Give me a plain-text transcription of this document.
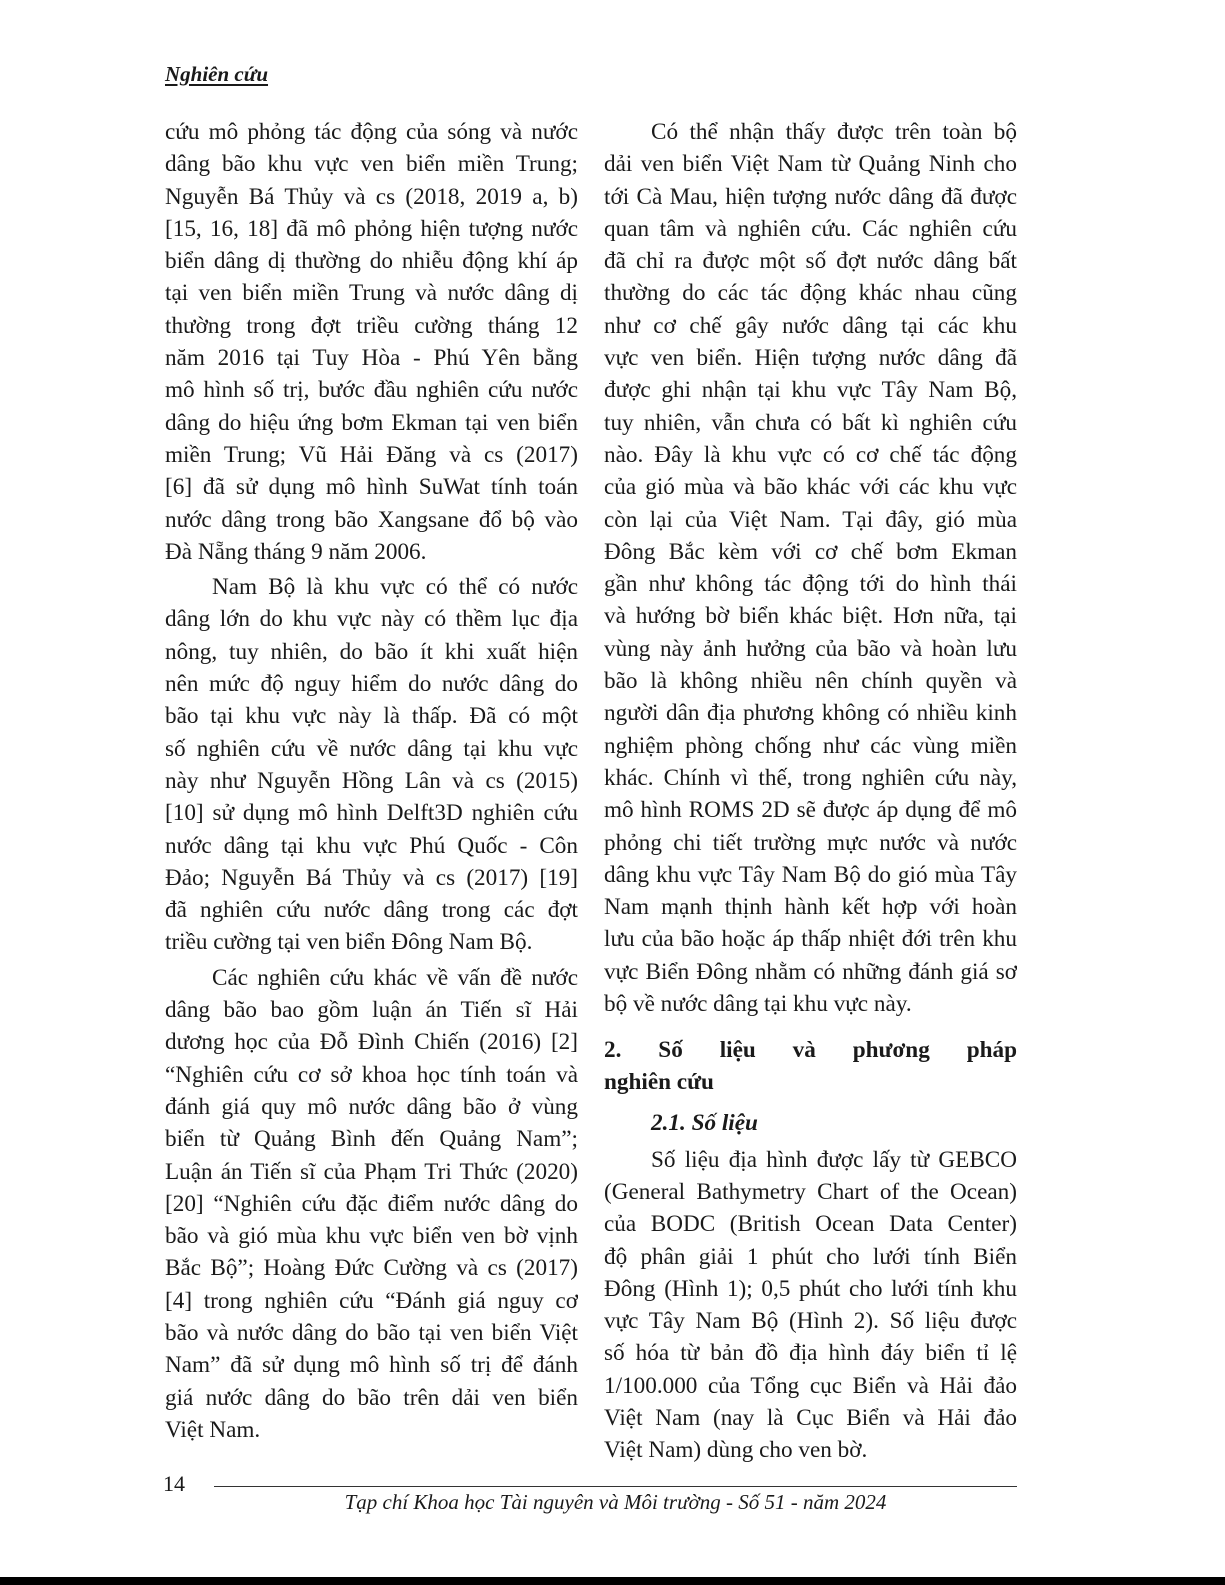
Nghiên cứu
cứu mô phỏng tác động của sóng và nước
dâng bão khu vực ven biển miền Trung;
Nguyễn Bá Thủy và cs (2018, 2019 a, b)
[15, 16, 18] đã mô phỏng hiện tượng nước
biển dâng dị thường do nhiễu động khí áp
tại ven biển miền Trung và nước dâng dị
thường trong đợt triều cường tháng 12
năm 2016 tại Tuy Hòa - Phú Yên bằng
mô hình số trị, bước đầu nghiên cứu nước
dâng do hiệu ứng bơm Ekman tại ven biển
miền Trung; Vũ Hải Đăng và cs (2017)
[6] đã sử dụng mô hình SuWat tính toán
nước dâng trong bão Xangsane đổ bộ vào
Đà Nẵng tháng 9 năm 2006.
Nam Bộ là khu vực có thể có nước
dâng lớn do khu vực này có thềm lục địa
nông, tuy nhiên, do bão ít khi xuất hiện
nên mức độ nguy hiểm do nước dâng do
bão tại khu vực này là thấp. Đã có một
số nghiên cứu về nước dâng tại khu vực
này như Nguyễn Hồng Lân và cs (2015)
[10] sử dụng mô hình Delft3D nghiên cứu
nước dâng tại khu vực Phú Quốc - Côn
Đảo; Nguyễn Bá Thủy và cs (2017) [19]
đã nghiên cứu nước dâng trong các đợt
triều cường tại ven biển Đông Nam Bộ.
Các nghiên cứu khác về vấn đề nước
dâng bão bao gồm luận án Tiến sĩ Hải
dương học của Đỗ Đình Chiến (2016) [2]
“Nghiên cứu cơ sở khoa học tính toán và
đánh giá quy mô nước dâng bão ở vùng
biển từ Quảng Bình đến Quảng Nam”;
Luận án Tiến sĩ của Phạm Tri Thức (2020)
[20] “Nghiên cứu đặc điểm nước dâng do
bão và gió mùa khu vực biển ven bờ vịnh
Bắc Bộ”; Hoàng Đức Cường và cs (2017)
[4] trong nghiên cứu “Đánh giá nguy cơ
bão và nước dâng do bão tại ven biển Việt
Nam” đã sử dụng mô hình số trị để đánh
giá nước dâng do bão trên dải ven biển
Việt Nam.
Có thể nhận thấy được trên toàn bộ
dải ven biển Việt Nam từ Quảng Ninh cho
tới Cà Mau, hiện tượng nước dâng đã được
quan tâm và nghiên cứu. Các nghiên cứu
đã chỉ ra được một số đợt nước dâng bất
thường do các tác động khác nhau cũng
như cơ chế gây nước dâng tại các khu
vực ven biển. Hiện tượng nước dâng đã
được ghi nhận tại khu vực Tây Nam Bộ,
tuy nhiên, vẫn chưa có bất kì nghiên cứu
nào. Đây là khu vực có cơ chế tác động
của gió mùa và bão khác với các khu vực
còn lại của Việt Nam. Tại đây, gió mùa
Đông Bắc kèm với cơ chế bơm Ekman
gần như không tác động tới do hình thái
và hướng bờ biển khác biệt. Hơn nữa, tại
vùng này ảnh hưởng của bão và hoàn lưu
bão là không nhiều nên chính quyền và
người dân địa phương không có nhiều kinh
nghiệm phòng chống như các vùng miền
khác. Chính vì thế, trong nghiên cứu này,
mô hình ROMS 2D sẽ được áp dụng để mô
phỏng chi tiết trường mực nước và nước
dâng khu vực Tây Nam Bộ do gió mùa Tây
Nam mạnh thịnh hành kết hợp với hoàn
lưu của bão hoặc áp thấp nhiệt đới trên khu
vực Biển Đông nhằm có những đánh giá sơ
bộ về nước dâng tại khu vực này.
2. Số liệu và phương pháp
nghiên cứu
2.1. Số liệu
Số liệu địa hình được lấy từ GEBCO
(General Bathymetry Chart of the Ocean)
của BODC (British Ocean Data Center)
độ phân giải 1 phút cho lưới tính Biển
Đông (Hình 1); 0,5 phút cho lưới tính khu
vực Tây Nam Bộ (Hình 2). Số liệu được
số hóa từ bản đồ địa hình đáy biển tỉ lệ
1/100.000 của Tổng cục Biển và Hải đảo
Việt Nam (nay là Cục Biển và Hải đảo
Việt Nam) dùng cho ven bờ.
14
Tạp chí Khoa học Tài nguyên và Môi trường - Số 51 - năm 2024
